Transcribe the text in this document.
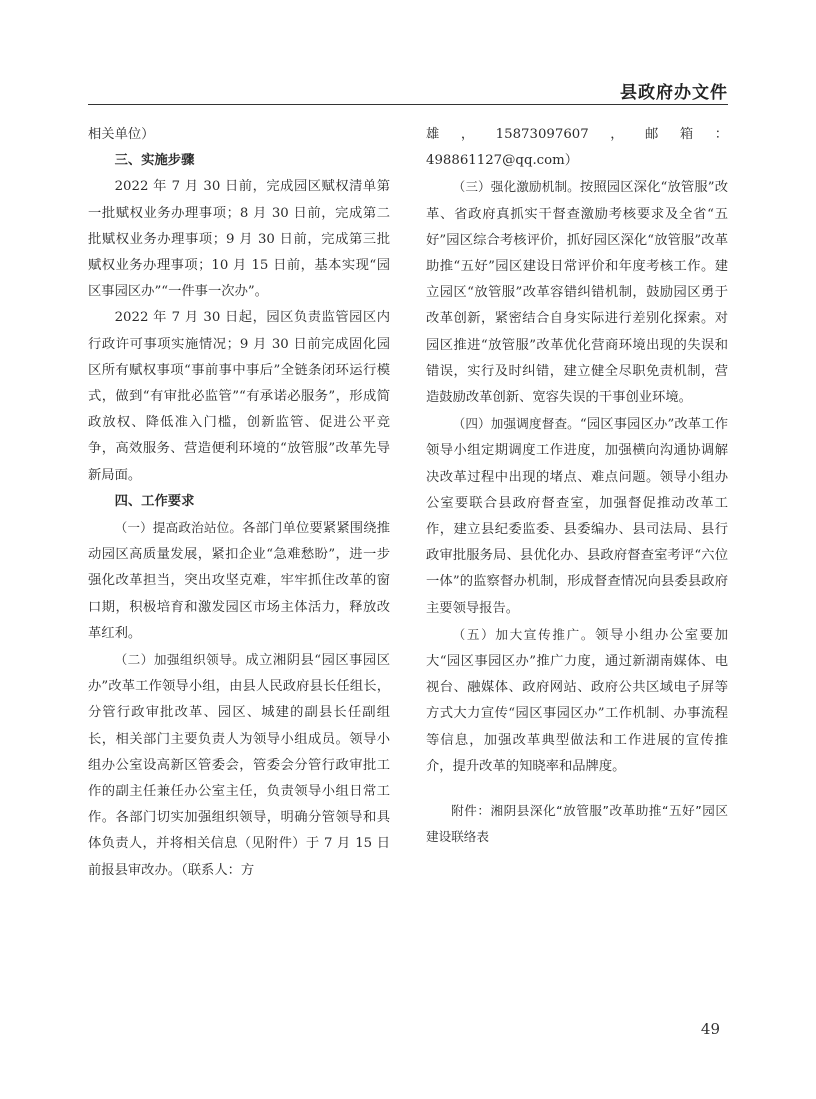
县政府办文件

相关单位）

三、实施步骤

2022 年 7 月 30 日前，完成园区赋权清单第一批赋权业务办理事项；8 月 30 日前，完成第二批赋权业务办理事项；9 月 30 日前，完成第三批赋权业务办理事项；10 月 15 日前，基本实现“园区事园区办”“一件事一次办”。

2022 年 7 月 30 日起，园区负责监管园区内行政许可事项实施情况；9 月 30 日前完成固化园区所有赋权事项“事前事中事后”全链条闭环运行模式，做到“有审批必监管”“有承诺必服务”，形成简政放权、降低准入门槛，创新监管、促进公平竞争，高效服务、营造便利环境的“放管服”改革先导新局面。

四、工作要求

（一）提高政治站位。各部门单位要紧紧围绕推动园区高质量发展，紧扣企业“急难愁盼”，进一步强化改革担当，突出攻坚克难，牢牢抓住改革的窗口期，积极培育和激发园区市场主体活力，释放改革红利。

（二）加强组织领导。成立湘阴县“园区事园区办”改革工作领导小组，由县人民政府县长任组长，分管行政审批改革、园区、城建的副县长任副组长，相关部门主要负责人为领导小组成员。领导小组办公室设高新区管委会，管委会分管行政审批工作的副主任兼任办公室主任，负责领导小组日常工作。各部门切实加强组织领导，明确分管领导和具体负责人，并将相关信息（见附件）于 7 月 15 日前报县审改办。（联系人：方

雄，15873097607，邮箱：498861127@qq.com）

（三）强化激励机制。按照园区深化“放管服”改革、省政府真抓实干督查激励考核要求及全省“五好”园区综合考核评价，抓好园区深化“放管服”改革助推“五好”园区建设日常评价和年度考核工作。建立园区“放管服”改革容错纠错机制，鼓励园区勇于改革创新，紧密结合自身实际进行差别化探索。对园区推进“放管服”改革优化营商环境出现的失误和错误，实行及时纠错，建立健全尽职免责机制，营造鼓励改革创新、宽容失误的干事创业环境。

（四）加强调度督查。“园区事园区办”改革工作领导小组定期调度工作进度，加强横向沟通协调解决改革过程中出现的堵点、难点问题。领导小组办公室要联合县政府督查室，加强督促推动改革工作，建立县纪委监委、县委编办、县司法局、县行政审批服务局、县优化办、县政府督查室考评“六位一体”的监察督办机制，形成督查情况向县委县政府主要领导报告。

（五）加大宣传推广。领导小组办公室要加大“园区事园区办”推广力度，通过新湖南媒体、电视台、融媒体、政府网站、政府公共区域电子屏等方式大力宣传“园区事园区办”工作机制、办事流程等信息，加强改革典型做法和工作进展的宣传推介，提升改革的知晓率和品牌度。

附件：湘阴县深化“放管服”改革助推“五好”园区建设联络表

49
